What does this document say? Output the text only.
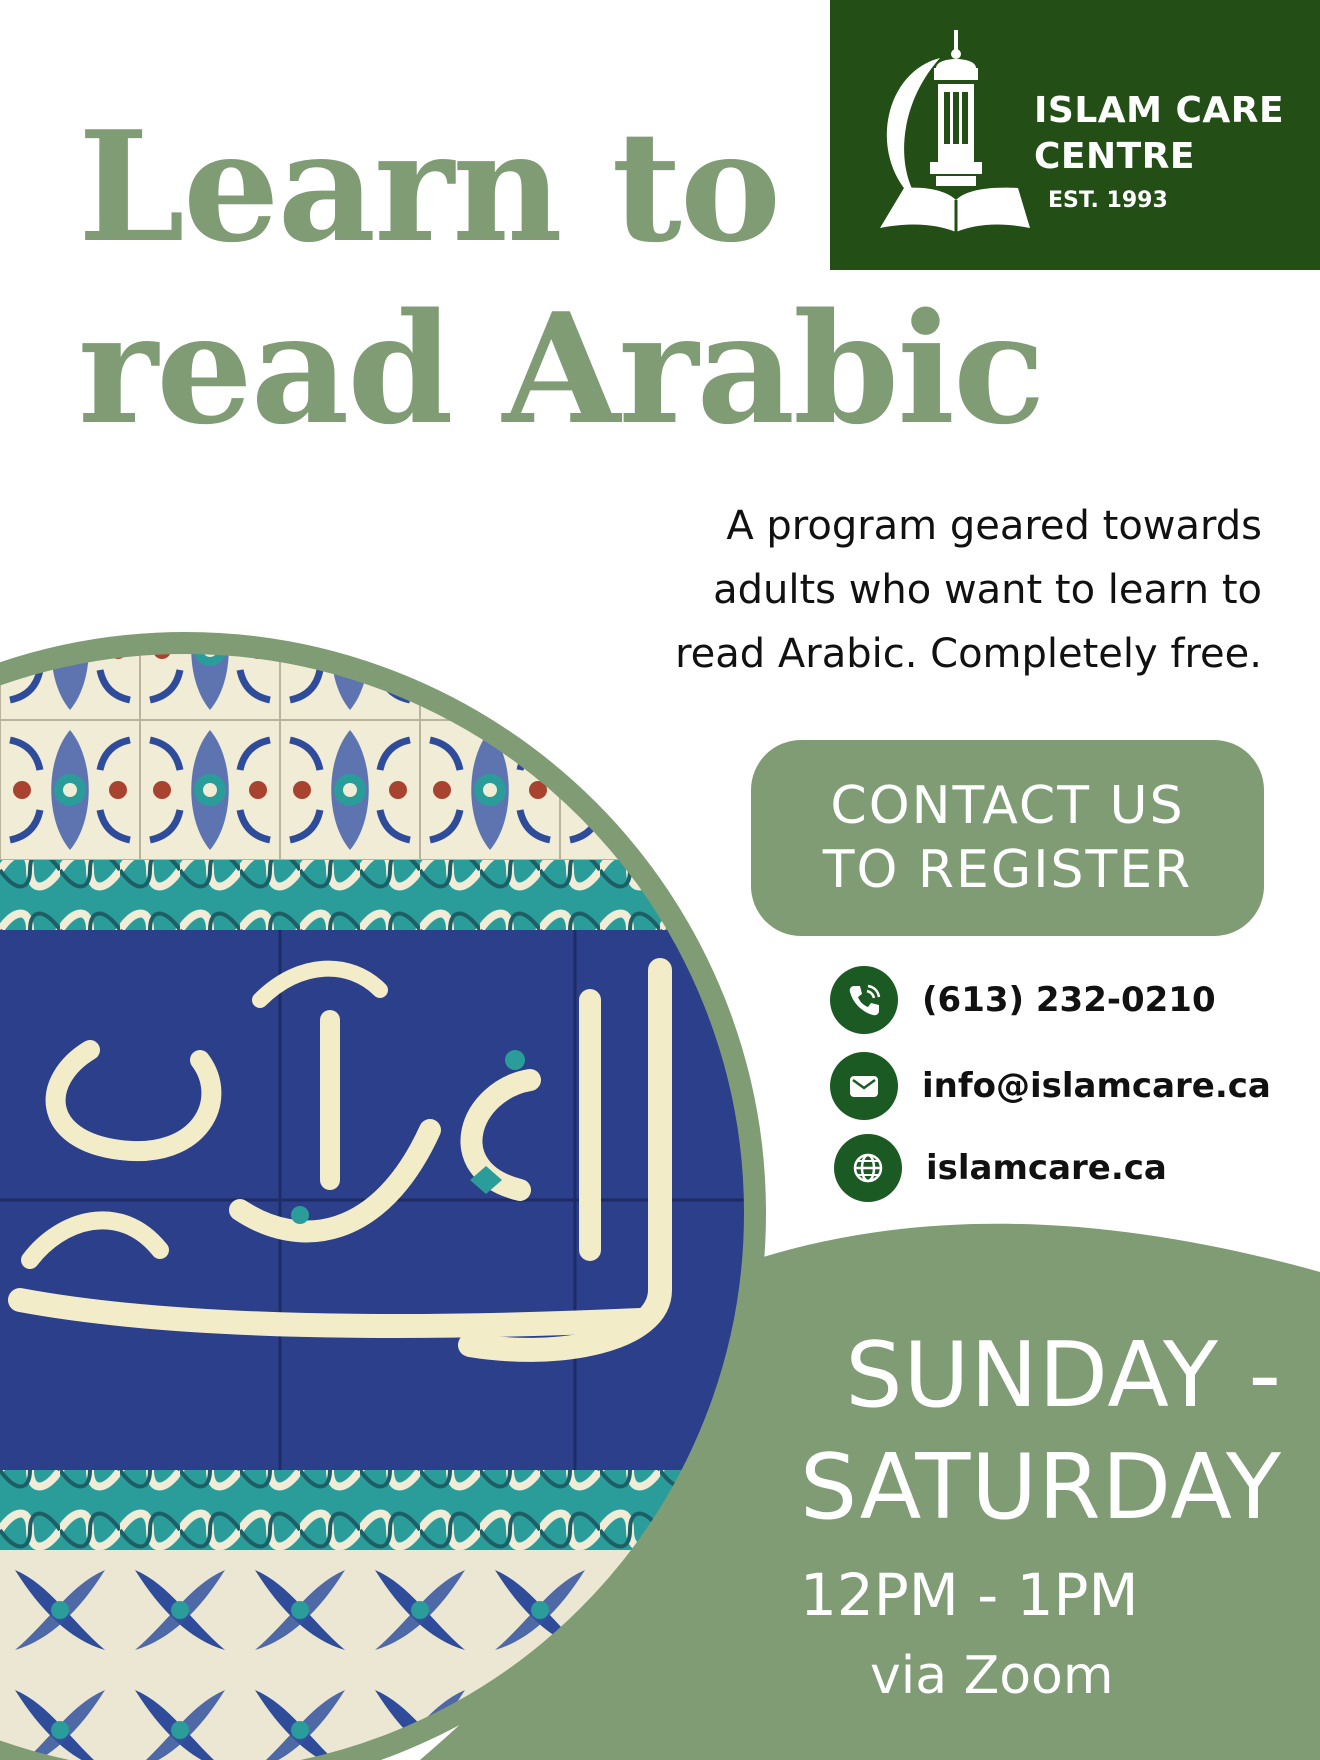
ISLAM CARE
CENTRE
EST. 1993
Learn to
read Arabic

A program geared towards
adults who want to learn to
read Arabic. Completely free.

CONTACT US
TO REGISTER
(613) 232-0210
info@islamcare.ca
islamcare.ca

SUNDAY -
SATURDAY

12PM - 1PM

via Zoom
